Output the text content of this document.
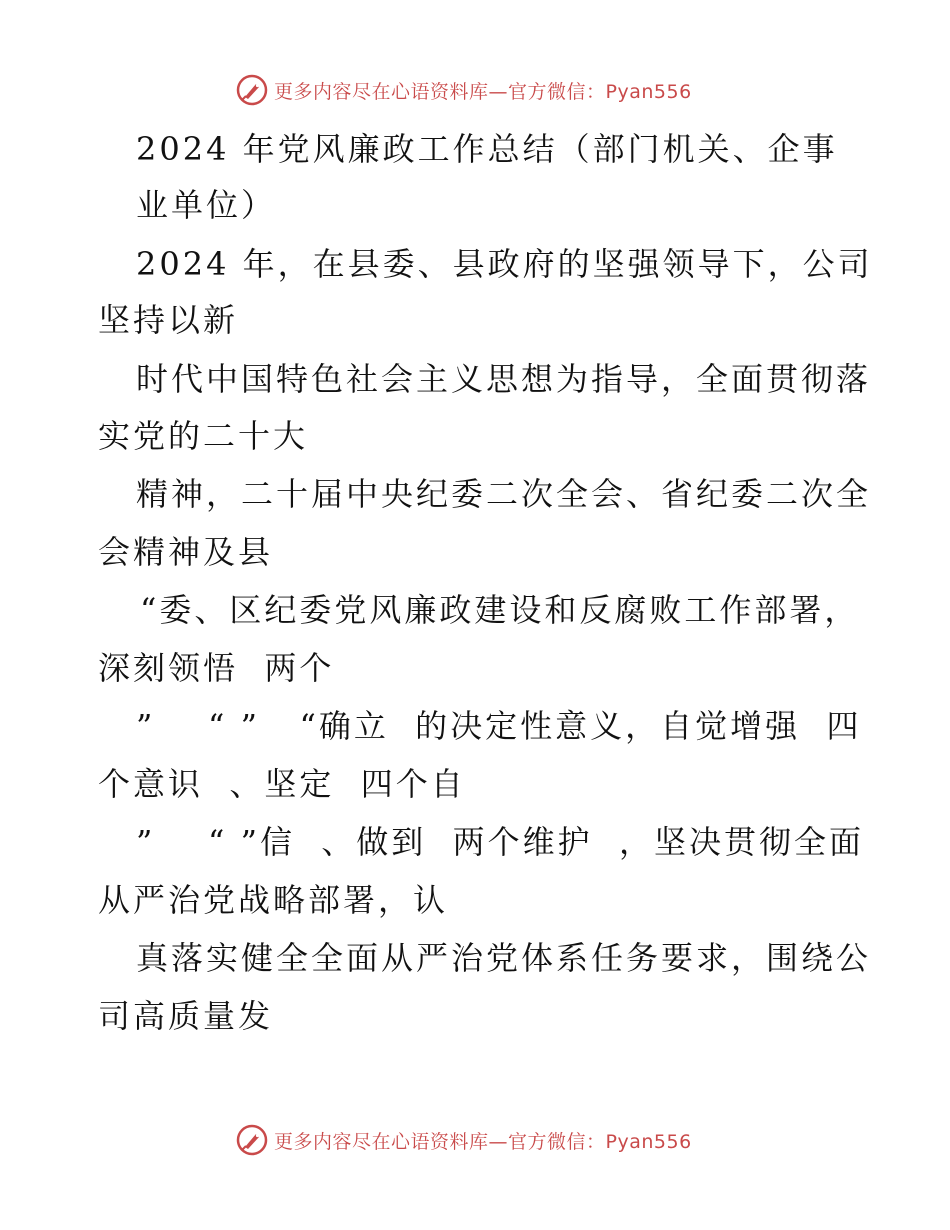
更多内容尽在心语资料库—官方微信：Pyan556
2024 年党风廉政工作总结（部门机关、企事
业单位）
2024 年，在县委、县政府的坚强领导下，公司
坚持以新
时代中国特色社会主义思想为指导，全面贯彻落
实党的二十大
精神，二十届中央纪委二次全会、省纪委二次全
会精神及县
“委、区纪委党风廉政建设和反腐败工作部署，
深刻领悟  两个
”    “ ”   “确立  的决定性意义，自觉增强  四
个意识  、坚定  四个自
”    “ ”信  、做到  两个维护  ，坚决贯彻全面
从严治党战略部署，认
真落实健全全面从严治党体系任务要求，围绕公
司高质量发
更多内容尽在心语资料库—官方微信：Pyan556
